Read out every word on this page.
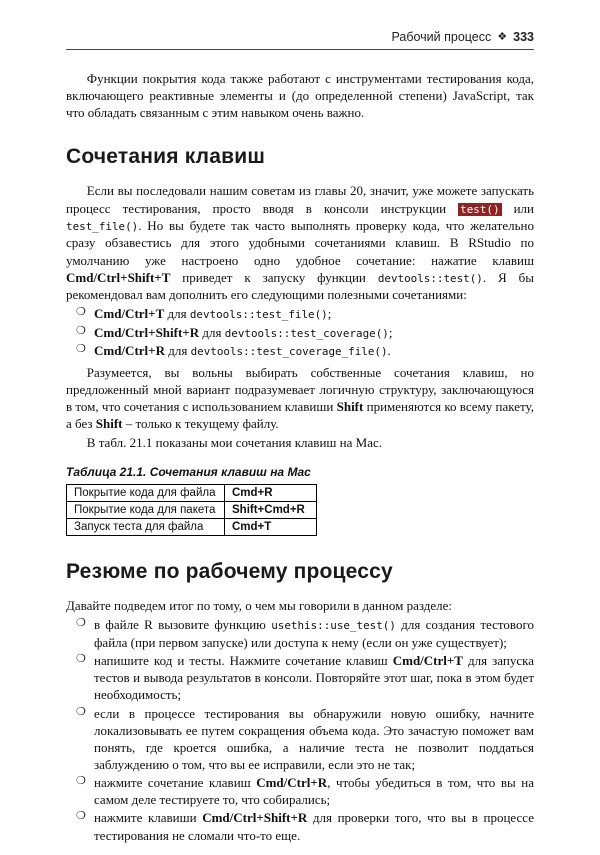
Рабочий процесс ❖ 333

Функции покрытия кода также работают с инструментами тестирования кода, включающего реактивные элементы и (до определенной степени) JavaScript, так что обладать связанным с этим навыком очень важно.

Сочетания клавиш

Если вы последовали нашим советам из главы 20, значит, уже можете запускать процесс тестирования, просто вводя в консоли инструкции test() или test_file(). Но вы будете так часто выполнять проверку кода, что желательно сразу обзавестись для этого удобными сочетаниями клавиш. В RStudio по умолчанию уже настроено одно удобное сочетание: нажатие клавиш Cmd/Ctrl+Shift+T приведет к запуску функции devtools::test(). Я бы рекомендовал вам дополнить его следующими полезными сочетаниями:

❍ Cmd/Ctrl+T для devtools::test_file();
❍ Cmd/Ctrl+Shift+R для devtools::test_coverage();
❍ Cmd/Ctrl+R для devtools::test_coverage_file().

Разумеется, вы вольны выбирать собственные сочетания клавиш, но предложенный мной вариант подразумевает логичную структуру, заключающуюся в том, что сочетания с использованием клавиши Shift применяются ко всему пакету, а без Shift – только к текущему файлу.

В табл. 21.1 показаны мои сочетания клавиш на Mac.

Таблица 21.1. Сочетания клавиш на Mac
Покрытие кода для файла	Cmd+R
Покрытие кода для пакета	Shift+Cmd+R
Запуск теста для файла	Cmd+T
Резюме по рабочему процессу

Давайте подведем итог по тому, о чем мы говорили в данном разделе:

❍ в файле R вызовите функцию usethis::use_test() для создания тестового файла (при первом запуске) или доступа к нему (если он уже существует);
❍ напишите код и тесты. Нажмите сочетание клавиш Cmd/Ctrl+T для запуска тестов и вывода результатов в консоли. Повторяйте этот шаг, пока в этом будет необходимость;
❍ если в процессе тестирования вы обнаружили новую ошибку, начните локализовывать ее путем сокращения объема кода. Это зачастую поможет вам понять, где кроется ошибка, а наличие теста не позволит поддаться заблуждению о том, что вы ее исправили, если это не так;
❍ нажмите сочетание клавиш Cmd/Ctrl+R, чтобы убедиться в том, что вы на самом деле тестируете то, что собирались;
❍ нажмите клавиши Cmd/Ctrl+Shift+R для проверки того, что вы в процессе тестирования не сломали что-то еще.
